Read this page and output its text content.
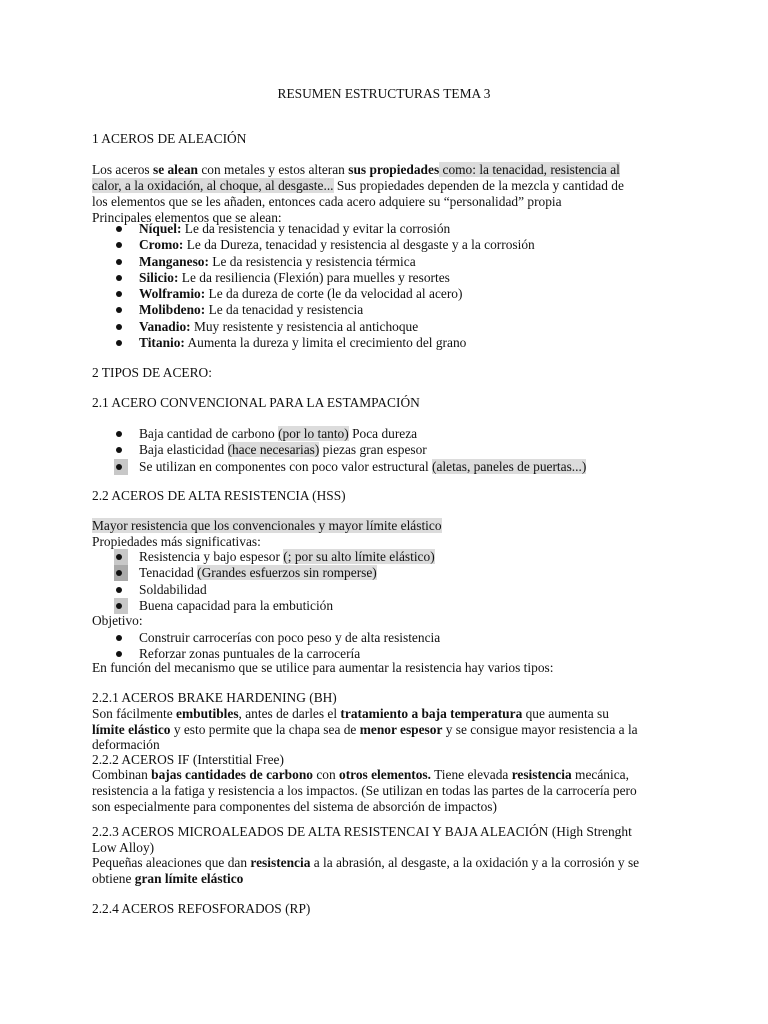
RESUMEN ESTRUCTURAS TEMA 3
1 ACEROS DE ALEACIÓN
Los aceros se alean con metales y estos alteran sus propiedades como: la tenacidad, resistencia al
calor, a la oxidación, al choque, al desgaste... Sus propiedades dependen de la mezcla y cantidad de
los elementos que se les añaden, entonces cada acero adquiere su “personalidad” propia
Principales elementos que se alean:
Níquel: Le da resistencia y tenacidad y evitar la corrosión
Cromo: Le da Dureza, tenacidad y resistencia al desgaste y a la corrosión
Manganeso: Le da resistencia y resistencia térmica
Silicio: Le da resiliencia (Flexión) para muelles y resortes
Wolframio: Le da dureza de corte (le da velocidad al acero)
Molibdeno: Le da tenacidad y resistencia
Vanadio: Muy resistente y resistencia al antichoque
Titanio: Aumenta la dureza y limita el crecimiento del grano
2 TIPOS DE ACERO:
2.1 ACERO CONVENCIONAL PARA LA ESTAMPACIÓN
Baja cantidad de carbono (por lo tanto) Poca dureza
Baja elasticidad (hace necesarias) piezas gran espesor
Se utilizan en componentes con poco valor estructural (aletas, paneles de puertas...)
2.2 ACEROS DE ALTA RESISTENCIA (HSS)
Mayor resistencia que los convencionales y mayor límite elástico
Propiedades más significativas:
Resistencia y bajo espesor (; por su alto límite elástico)
Tenacidad (Grandes esfuerzos sin romperse)
Soldabilidad
Buena capacidad para la embutición
Objetivo:
Construir carrocerías con poco peso y de alta resistencia
Reforzar zonas puntuales de la carrocería
En función del mecanismo que se utilice para aumentar la resistencia hay varios tipos:
2.2.1 ACEROS BRAKE HARDENING (BH)
Son fácilmente embutibles, antes de darles el tratamiento a baja temperatura que aumenta su
límite elástico y esto permite que la chapa sea de menor espesor y se consigue mayor resistencia a la
deformación
2.2.2 ACEROS IF (Interstitial Free)
Combinan bajas cantidades de carbono con otros elementos. Tiene elevada resistencia mecánica,
resistencia a la fatiga y resistencia a los impactos. (Se utilizan en todas las partes de la carrocería pero
son especialmente para componentes del sistema de absorción de impactos)
2.2.3 ACEROS MICROALEADOS DE ALTA RESISTENCAI Y BAJA ALEACIÓN (High Strenght
Low Alloy)
Pequeñas aleaciones que dan resistencia a la abrasión, al desgaste, a la oxidación y a la corrosión y se
obtiene gran límite elástico
2.2.4 ACEROS REFOSFORADOS (RP)
